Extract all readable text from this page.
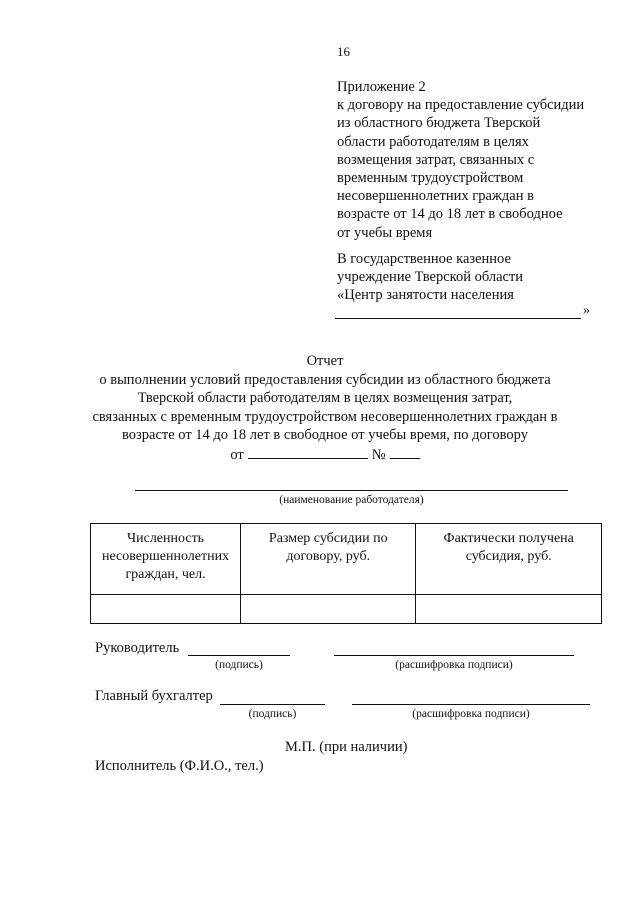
16
Приложение 2
к договору на предоставление субсидии
из областного бюджета Тверской
области работодателям в целях
возмещения затрат, связанных с
временным трудоустройством
несовершеннолетних граждан в
возрасте от 14 до 18 лет в свободное
от учебы время
В государственное казенное
учреждение Тверской области
«Центр занятости населения
»
Отчет
о выполнении условий предоставления субсидии из областного бюджета
Тверской области работодателям в целях возмещения затрат,
связанных с временным трудоустройством несовершеннолетних граждан в
возрасте от 14 до 18 лет в свободное от учебы время, по договору
от	№
(наименование работодателя)
Численность несовершеннолетних граждан, чел.	Размер субсидии по договору, руб.	Фактически получена субсидия, руб.

Руководитель
(подпись)	(расшифровка подписи)
Главный бухгалтер
(подпись)	(расшифровка подписи)
М.П. (при наличии)
Исполнитель (Ф.И.О., тел.)
